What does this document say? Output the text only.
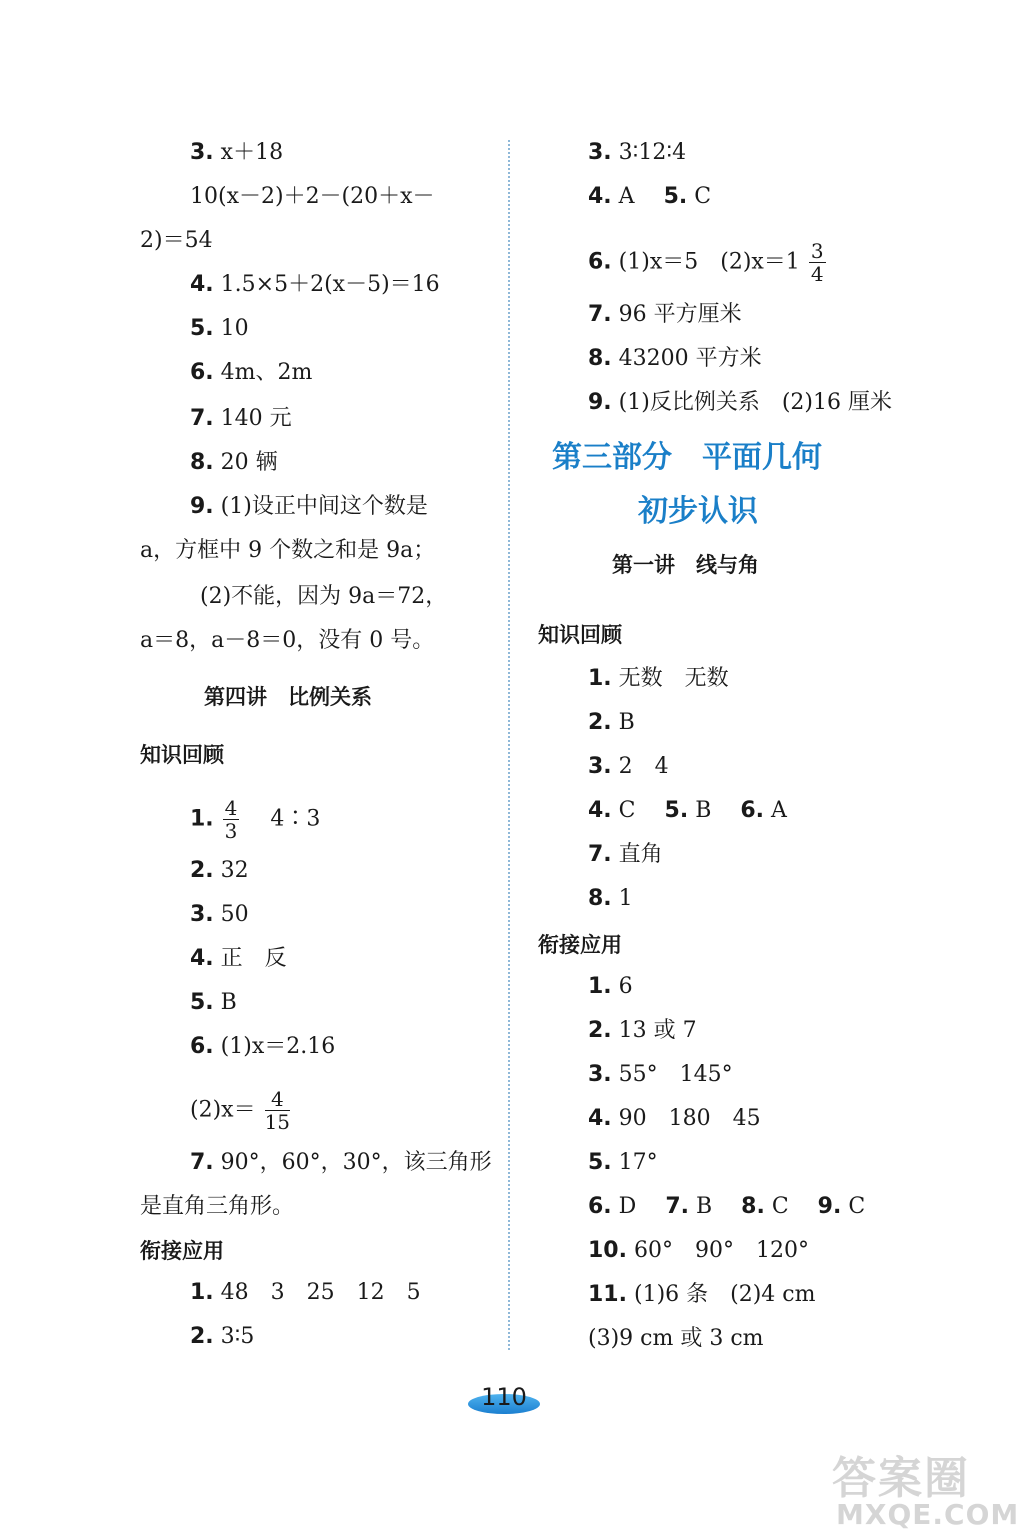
3. x＋18
10(x－2)＋2－(20＋x－
2)＝54
4. 1.5×5＋2(x－5)＝16
5. 10
6. 4m、2m
7. 140 元
8. 20 辆
9. (1)设正中间这个数是
a，方框中 9 个数之和是 9a；
(2)不能，因为 9a＝72，
a＝8，a－8＝0，没有 0 号。
第四讲　比例关系
知识回顾
1. $\frac{4}{3}$ 　4∶3
2. 32
3. 50
4. 正　反
5. B
6. (1)x＝2.16
$(2)x= \frac{4}{15}$
7. 90°，60°，30°，该三角形
是直角三角形。
衔接应用
1. 48　3　25　12　5
2. 3∶5
3. 3∶12∶4
4. A　 5. C
6. (1)x＝5　$(2)x=1 \frac{3}{4}$
7. 96 平方厘米
8. 43200 平方米
9. (1)反比例关系　(2)16 厘米
第三部分　平面几何
初步认识
第一讲　线与角
知识回顾
1. 无数　无数
2. B
3. 2　4
4. C　 5. B　 6. A
7. 直角
8. 1
衔接应用
1. 6
2. 13 或 7
3. 55°　145°
4. 90　180　45
5. 17°
6. D　 7. B　 8. C　 9. C
10. 60°　90°　120°
11. (1)6 条　(2)4 cm
(3)9 cm 或 3 cm
110
答案圈
MXQE.COM
